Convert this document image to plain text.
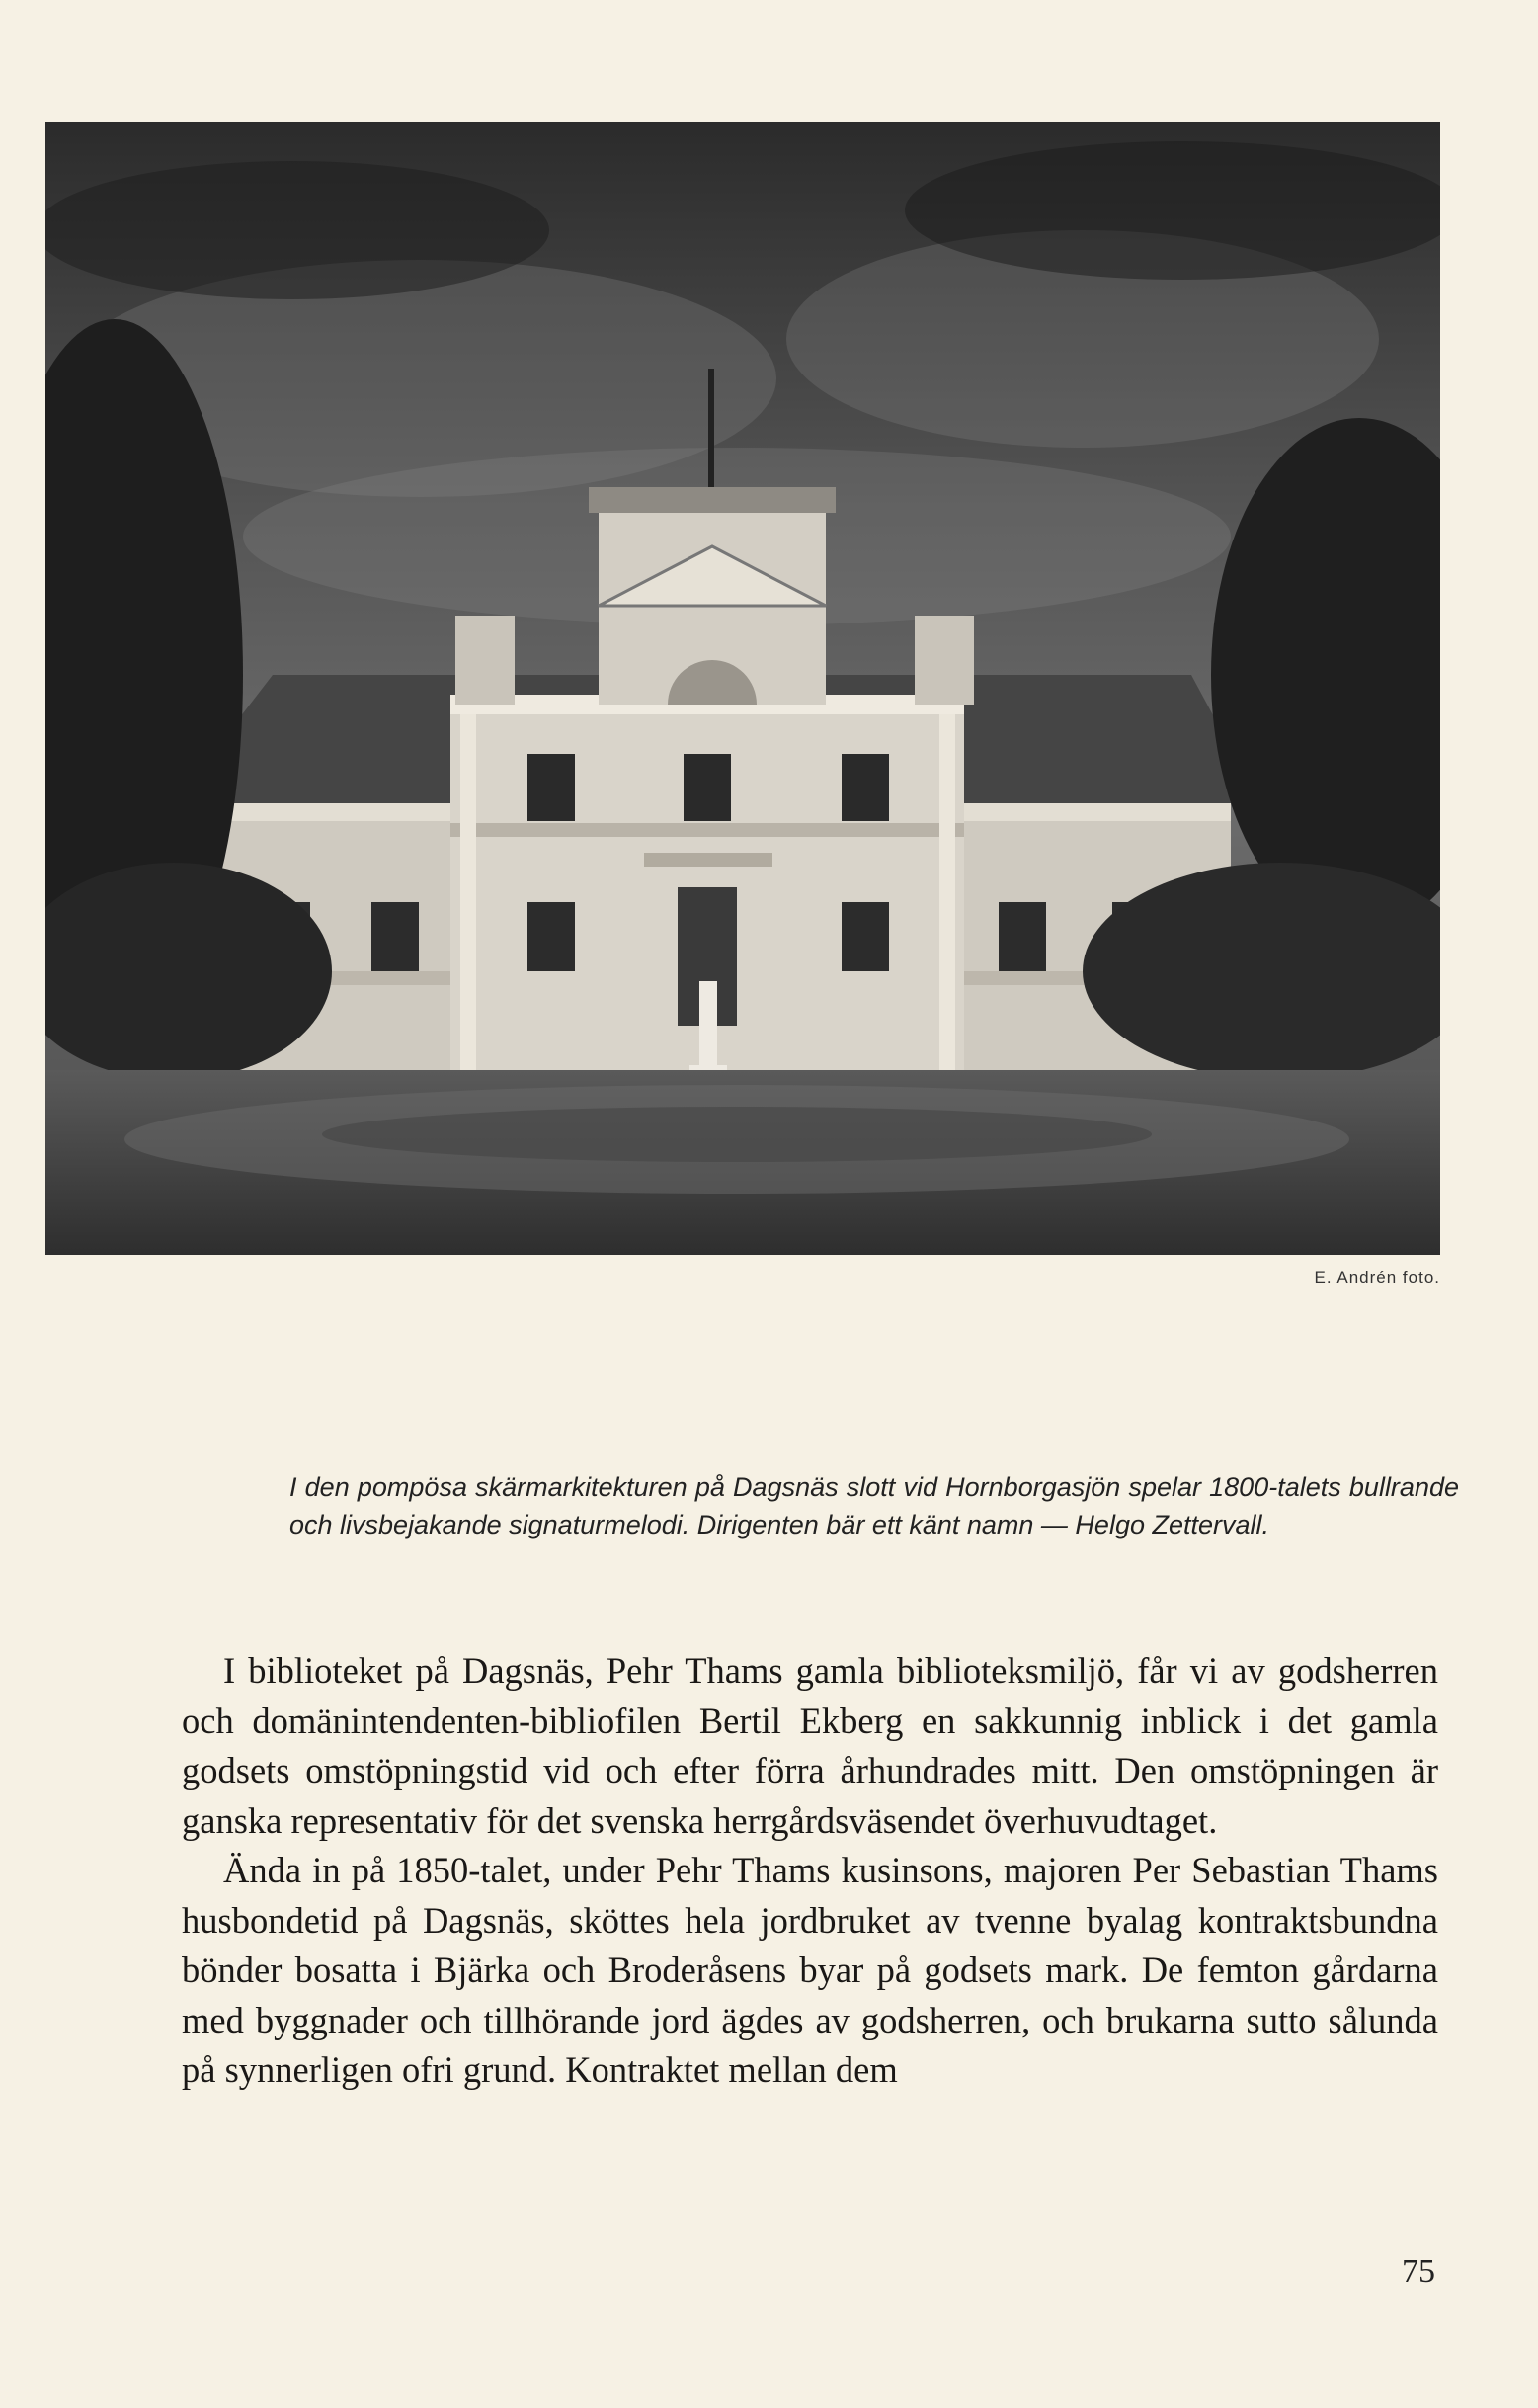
E. Andrén foto.

I den pompösa skärmarkitekturen på Dagsnäs slott vid Hornborgasjön spelar 1800-talets bullrande och livsbejakande signaturmelodi. Dirigenten bär ett känt namn — Helgo Zettervall.

I biblioteket på Dagsnäs, Pehr Thams gamla biblioteksmiljö, får vi av godsherren och domänintendenten-bibliofilen Bertil Ekberg en sakkunnig inblick i det gamla godsets omstöpningstid vid och efter förra århundrades mitt. Den omstöpningen är ganska representativ för det svenska herrgårdsväsendet överhuvudtaget.

Ända in på 1850-talet, under Pehr Thams kusinsons, majoren Per Sebastian Thams husbondetid på Dagsnäs, sköttes hela jordbruket av tvenne byalag kontraktsbundna bönder bosatta i Bjärka och Broderåsens byar på godsets mark. De femton gårdarna med byggnader och tillhörande jord ägdes av godsherren, och brukarna sutto sålunda på synnerligen ofri grund. Kontraktet mellan dem

75
